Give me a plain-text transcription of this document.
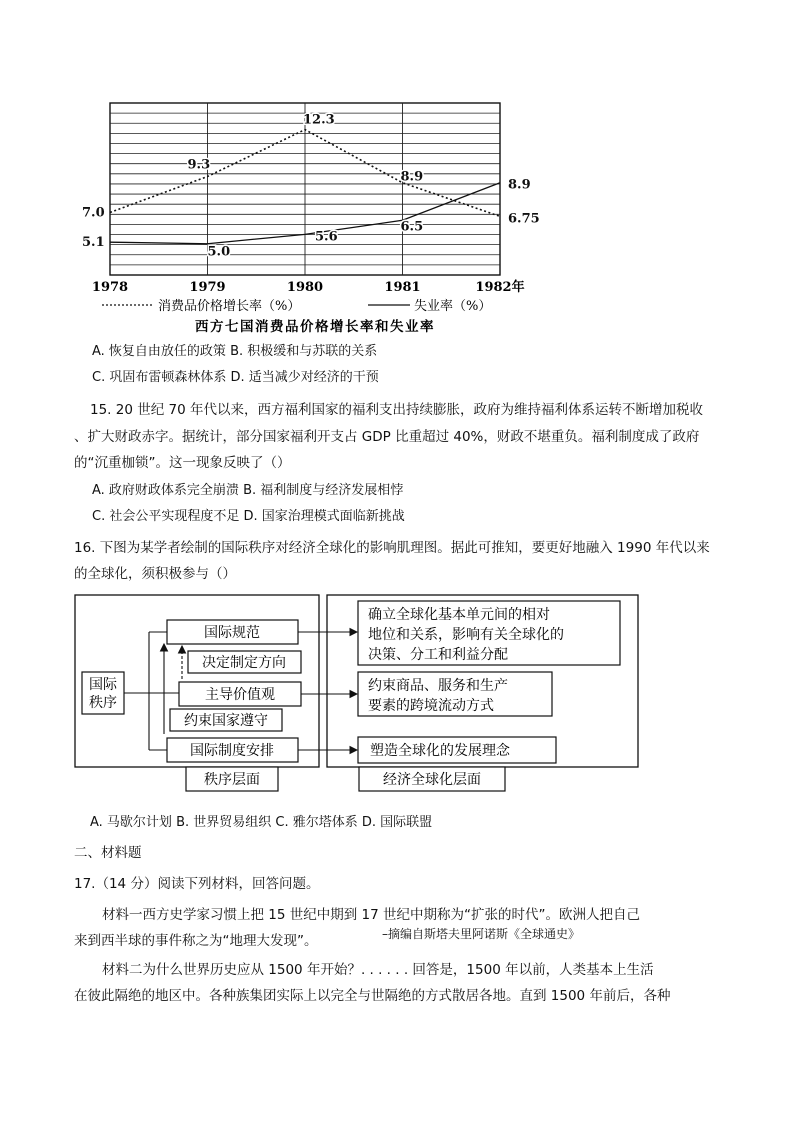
7.0
9.3
12.3
8.9
6.75
5.1
5.0
5.6
6.5
8.9
1978	1979	1980	1981	1982年
消费品价格增长率（%）	失业率（%）
西方七国消费品价格增长率和失业率
A. 恢复自由放任的政策 B. 积极缓和与苏联的关系
C. 巩固布雷顿森林体系 D. 适当减少对经济的干预
15. 20 世纪 70 年代以来，西方福利国家的福利支出持续膨胀，政府为维持福利体系运转不断增加税收
、扩大财政赤字。据统计，部分国家福利开支占 GDP 比重超过 40%，财政不堪重负。福利制度成了政府
的“沉重枷锁”。这一现象反映了（）
A. 政府财政体系完全崩溃 B. 福利制度与经济发展相悖
C. 社会公平实现程度不足 D. 国家治理模式面临新挑战
16. 下图为某学者绘制的国际秩序对经济全球化的影响肌理图。据此可推知，要更好地融入 1990 年代以来
的全球化，须积极参与（）
国际
秩序
国际规范
决定制定方向
主导价值观
约束国家遵守
国际制度安排
确立全球化基本单元间的相对
地位和关系，影响有关全球化的
决策、分工和利益分配
约束商品、服务和生产
要素的跨境流动方式
塑造全球化的发展理念
秩序层面	经济全球化层面
A. 马歇尔计划 B. 世界贸易组织 C. 雅尔塔体系 D. 国际联盟
二、材料题
17.（14 分）阅读下列材料，回答问题。
材料一西方史学家习惯上把 15 世纪中期到 17 世纪中期称为“扩张的时代”。欧洲人把自己
来到西半球的事件称之为“地理大发现”。	–摘编自斯塔夫里阿诺斯《全球通史》
材料二为什么世界历史应从 1500 年开始？. . . . . . 回答是，1500 年以前，人类基本上生活
在彼此隔绝的地区中。各种族集团实际上以完全与世隔绝的方式散居各地。直到 1500 年前后，各种
